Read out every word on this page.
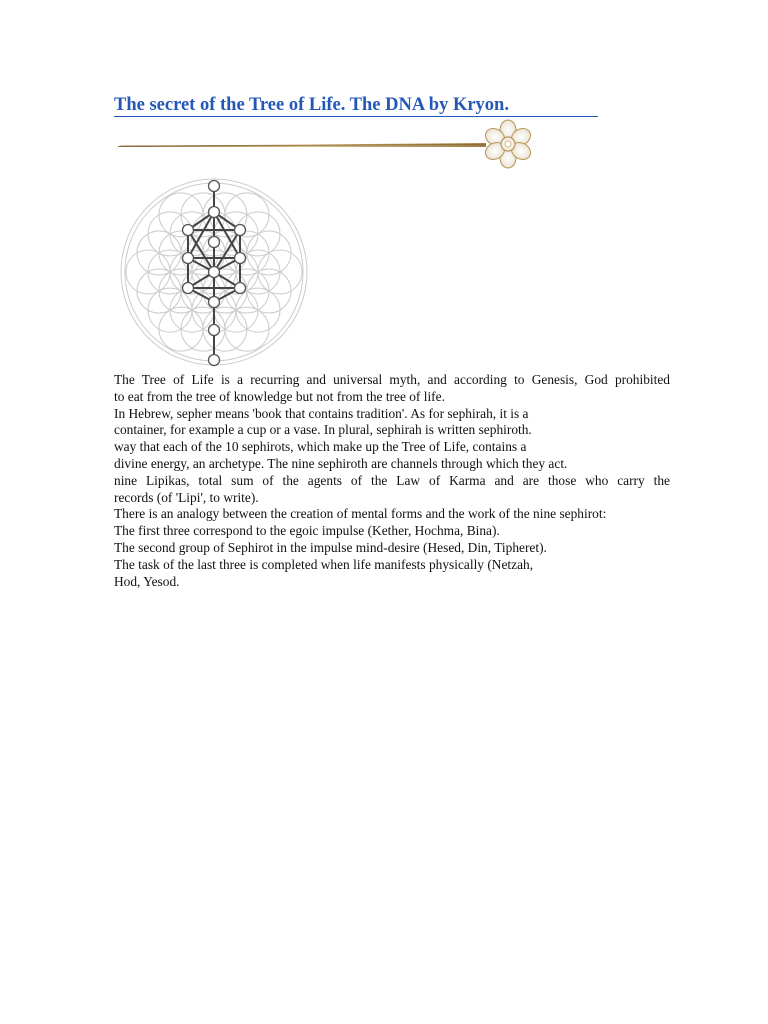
The secret of the Tree of Life. The DNA by Kryon.
The Tree of Life is a recurring and universal myth, and according to Genesis, God prohibited
to eat from the tree of knowledge but not from the tree of life.
In Hebrew, sepher means 'book that contains tradition'. As for sephirah, it is a
container, for example a cup or a vase. In plural, sephirah is written sephiroth.
way that each of the 10 sephirots, which make up the Tree of Life, contains a
divine energy, an archetype. The nine sephiroth are channels through which they act.
nine Lipikas, total sum of the agents of the Law of Karma and are those who carry the
records (of 'Lipi', to write).
There is an analogy between the creation of mental forms and the work of the nine sephirot:
The first three correspond to the egoic impulse (Kether, Hochma, Bina).
The second group of Sephirot in the impulse mind-desire (Hesed, Din, Tipheret).
The task of the last three is completed when life manifests physically (Netzah,
Hod, Yesod.
